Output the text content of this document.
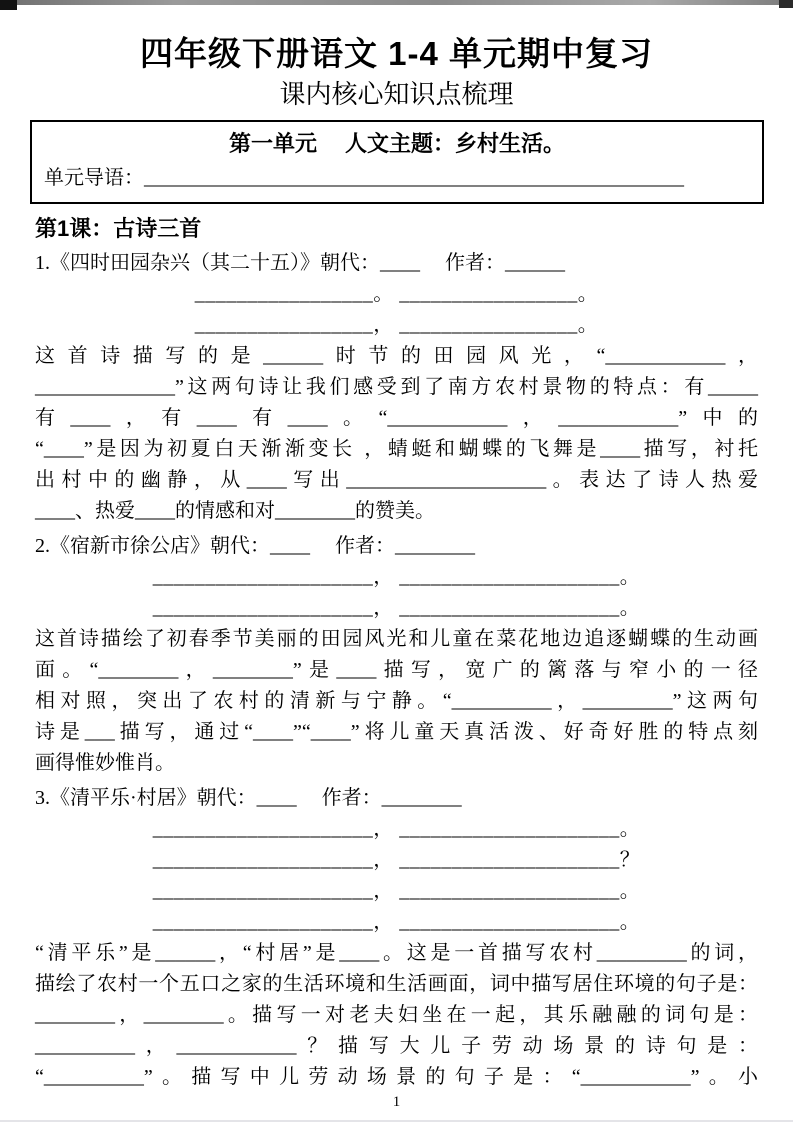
四年级下册语文 1-4 单元期中复习
课内核心知识点梳理
第一单元　 人文主题：乡村生活。
单元导语：______________________________________________________
第1课：古诗三首
1.《四时田园杂兴（其二十五）》朝代：____　 作者：______
_________________。 _________________。
_________________， _________________。
这首诗描写的是______时节的田园风光，“____________，
______________”这两句诗让我们感受到了南方农村景物的特点：有_____
有____，有____有____。“____________，____________”中的
“____”是因为初夏白天渐渐变长 ，蜻蜓和蝴蝶的飞舞是____描写，衬托
出村中的幽静，从____写出____________________。表达了诗人热爱
____、热爱____的情感和对________的赞美。
2.《宿新市徐公店》朝代：____　 作者：________
_____________________， _____________________。
_____________________， _____________________。
这首诗描绘了初春季节美丽的田园风光和儿童在菜花地边追逐蝴蝶的生动画
面。“________，________”是____描写，宽广的篱落与窄小的一径
相对照，突出了农村的清新与宁静。“__________，_________”这两句
诗是___描写，通过“____”“____”将儿童天真活泼、好奇好胜的特点刻
画得惟妙惟肖。
3.《清平乐·村居》朝代：____　 作者：________
_____________________， _____________________。
_____________________， _____________________？
_____________________， _____________________。
_____________________， _____________________。
“清平乐”是______，“村居”是____。这是一首描写农村_________的词，
描绘了农村一个五口之家的生活环境和生活画面，词中描写居住环境的句子是：
________，________。描写一对老夫妇坐在一起，其乐融融的词句是：
__________，____________？描写大儿子劳动场景的诗句是：
“__________”。描写中儿劳动场景的句子是：“___________”。小
1
